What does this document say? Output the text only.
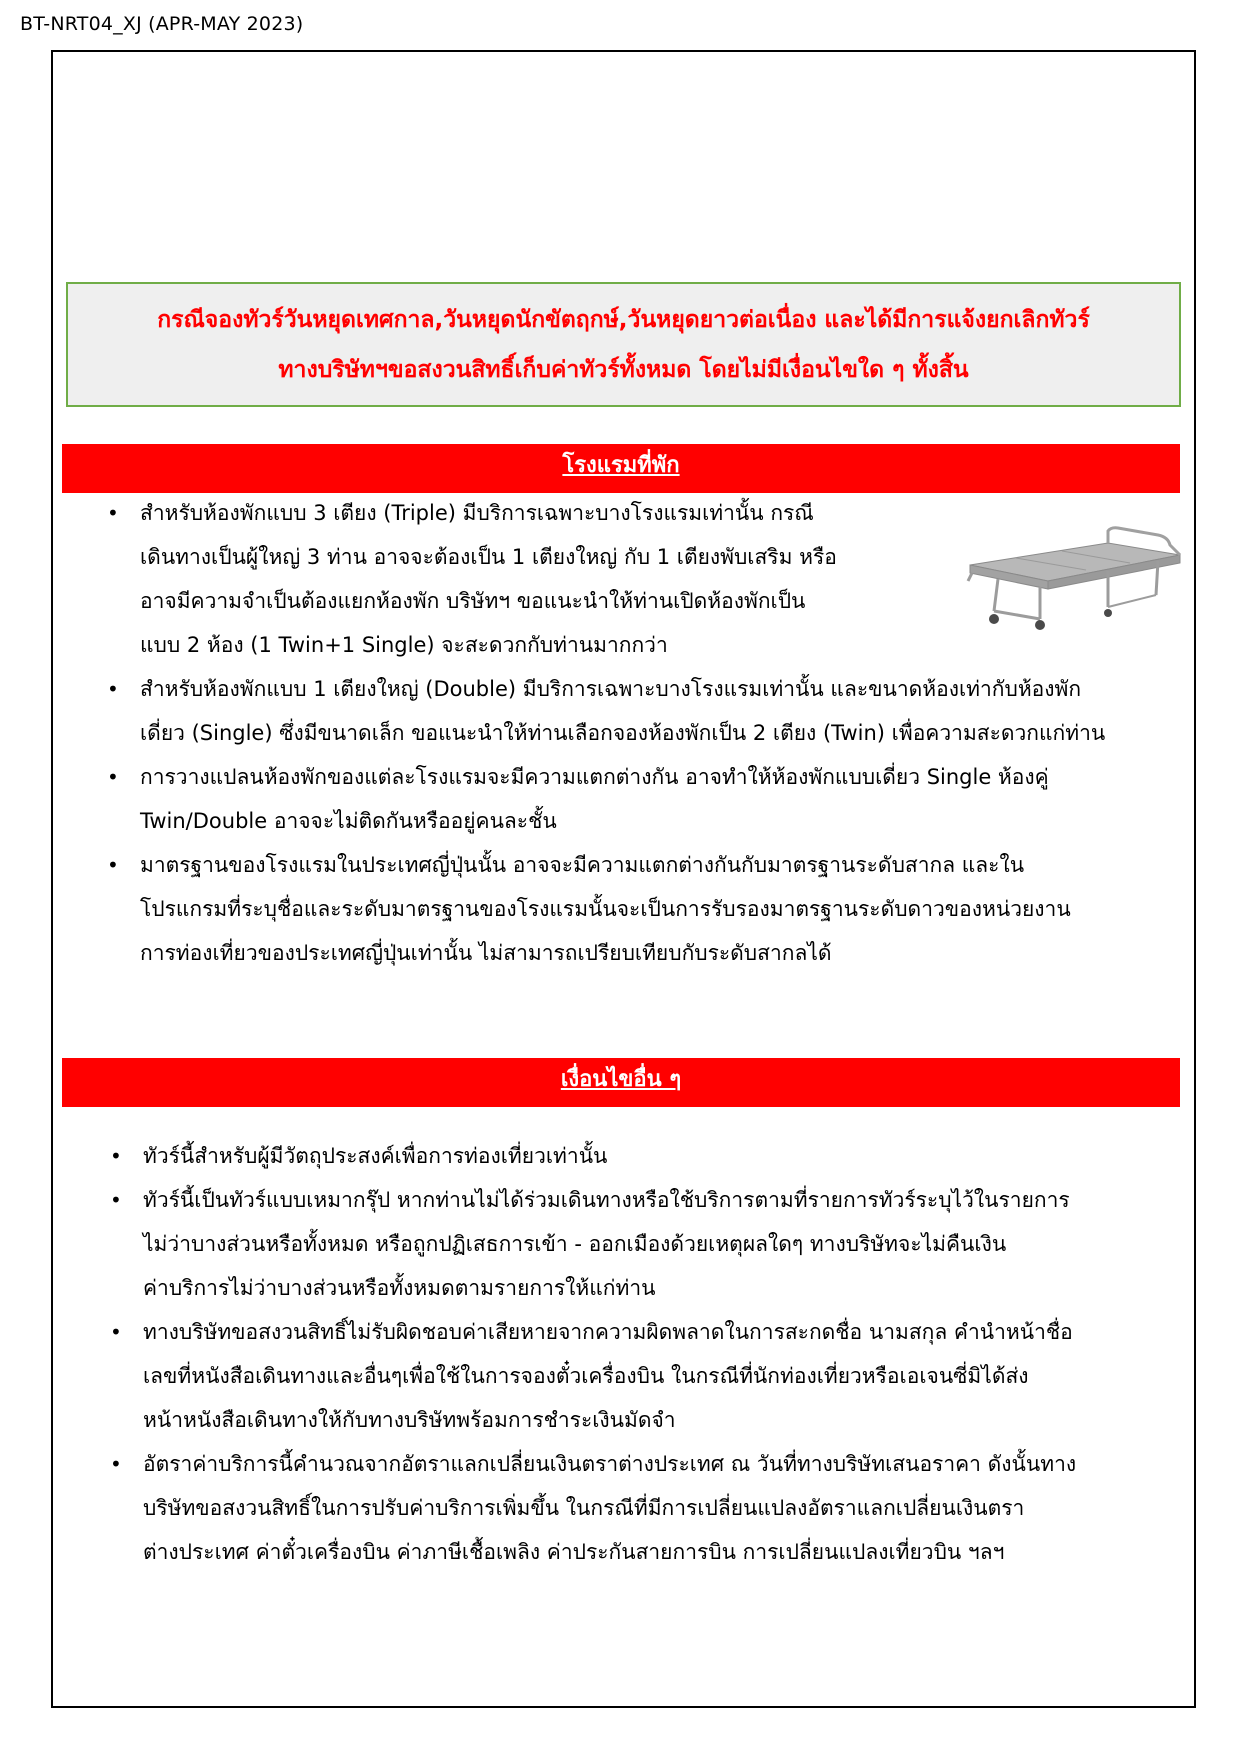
BT-NRT04_XJ (APR-MAY 2023)
กรณีจองทัวร์วันหยุดเทศกาล,วันหยุดนักขัตฤกษ์,วันหยุดยาวต่อเนื่อง และได้มีการแจ้งยกเลิกทัวร์
ทางบริษัทฯขอสงวนสิทธิ์เก็บค่าทัวร์ทั้งหมด โดยไม่มีเงื่อนไขใด ๆ ทั้งสิ้น
โรงแรมที่พัก
• สำหรับห้องพักแบบ 3 เตียง (Triple) มีบริการเฉพาะบางโรงแรมเท่านั้น กรณี
เดินทางเป็นผู้ใหญ่ 3 ท่าน อาจจะต้องเป็น 1 เตียงใหญ่ กับ 1 เตียงพับเสริม หรือ
อาจมีความจำเป็นต้องแยกห้องพัก บริษัทฯ ขอแนะนำให้ท่านเปิดห้องพักเป็น
แบบ 2 ห้อง (1 Twin+1 Single) จะสะดวกกับท่านมากกว่า
• สำหรับห้องพักแบบ 1 เตียงใหญ่ (Double) มีบริการเฉพาะบางโรงแรมเท่านั้น และขนาดห้องเท่ากับห้องพัก
เดี่ยว (Single) ซึ่งมีขนาดเล็ก ขอแนะนำให้ท่านเลือกจองห้องพักเป็น 2 เตียง (Twin) เพื่อความสะดวกแก่ท่าน
• การวางแปลนห้องพักของแต่ละโรงแรมจะมีความแตกต่างกัน อาจทำให้ห้องพักแบบเดี่ยว Single ห้องคู่
Twin/Double อาจจะไม่ติดกันหรืออยู่คนละชั้น
• มาตรฐานของโรงแรมในประเทศญี่ปุ่นนั้น อาจจะมีความแตกต่างกันกับมาตรฐานระดับสากล และใน
โปรแกรมที่ระบุชื่อและระดับมาตรฐานของโรงแรมนั้นจะเป็นการรับรองมาตรฐานระดับดาวของหน่วยงาน
การท่องเที่ยวของประเทศญี่ปุ่นเท่านั้น ไม่สามารถเปรียบเทียบกับระดับสากลได้
เงื่อนไขอื่น ๆ
• ทัวร์นี้สำหรับผู้มีวัตถุประสงค์เพื่อการท่องเที่ยวเท่านั้น
• ทัวร์นี้เป็นทัวร์แบบเหมากรุ๊ป หากท่านไม่ได้ร่วมเดินทางหรือใช้บริการตามที่รายการทัวร์ระบุไว้ในรายการ
ไม่ว่าบางส่วนหรือทั้งหมด หรือถูกปฏิเสธการเข้า - ออกเมืองด้วยเหตุผลใดๆ ทางบริษัทจะไม่คืนเงิน
ค่าบริการไม่ว่าบางส่วนหรือทั้งหมดตามรายการให้แก่ท่าน
• ทางบริษัทขอสงวนสิทธิ์ไม่รับผิดชอบค่าเสียหายจากความผิดพลาดในการสะกดชื่อ นามสกุล คำนำหน้าชื่อ
เลขที่หนังสือเดินทางและอื่นๆเพื่อใช้ในการจองตั๋วเครื่องบิน ในกรณีที่นักท่องเที่ยวหรือเอเจนซี่มิได้ส่ง
หน้าหนังสือเดินทางให้กับทางบริษัทพร้อมการชำระเงินมัดจำ
• อัตราค่าบริการนี้คำนวณจากอัตราแลกเปลี่ยนเงินตราต่างประเทศ ณ วันที่ทางบริษัทเสนอราคา ดังนั้นทาง
บริษัทขอสงวนสิทธิ์ในการปรับค่าบริการเพิ่มขึ้น ในกรณีที่มีการเปลี่ยนแปลงอัตราแลกเปลี่ยนเงินตรา
ต่างประเทศ ค่าตั๋วเครื่องบิน ค่าภาษีเชื้อเพลิง ค่าประกันสายการบิน การเปลี่ยนแปลงเที่ยวบิน ฯลฯ
